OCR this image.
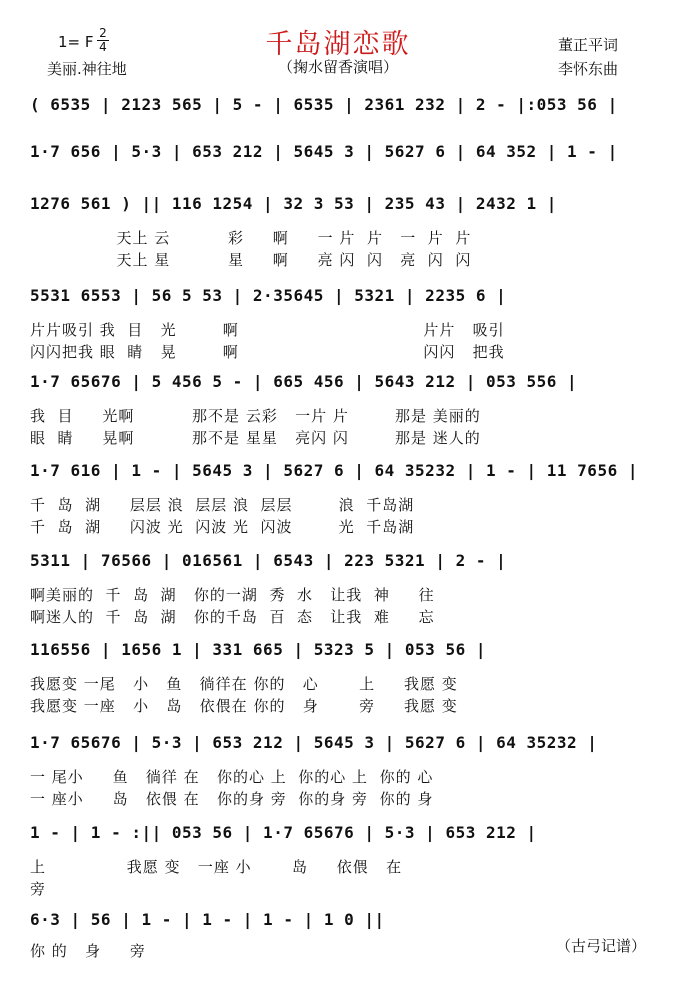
千岛湖恋歌
1= F $\frac{2}{4}$
美丽.神往地	（掬水留香演唱）
董正平词
李怀东曲
( 6535 | 2123 565 | 5 - | 6535 | 2361 232 | 2 - |:053 56 |
1·7 656 | 5·3 | 653 212 | 5645 3 | 5627 6 | 64 352 | 1 - |
1276 561 ) || 116 1254 | 32 3 53 | 235 43 | 2432 1 |
天上 云          彩     啊     一 片  片   一  片  片
天上 星          星     啊     亮 闪  闪   亮  闪  闪
5531 6553 | 56 5 53 | 2·35645 | 5321 | 2235 6 |
片片吸引 我  目   光        啊                                片片   吸引
闪闪把我 眼  睛   晃        啊                                闪闪   把我
1·7 65676 | 5 456 5 - | 665 456 | 5643 212 | 053 556 |
我  目     光啊          那不是 云彩   一片 片        那是 美丽的
眼  睛     晃啊          那不是 星星   亮闪 闪        那是 迷人的
1·7 616 | 1 - | 5645 3 | 5627 6 | 64 35232 | 1 - | 11 7656 |
千  岛  湖     层层 浪  层层 浪  层层        浪  千岛湖
千  岛  湖     闪波 光  闪波 光  闪波        光  千岛湖
5311 | 76566 | 016561 | 6543 | 223 5321 | 2 - |
啊美丽的  千  岛  湖   你的一湖  秀  水   让我  神     往
啊迷人的  千  岛  湖   你的千岛  百  态   让我  难     忘
116556 | 1656 1 | 331 665 | 5323 5 | 053 56 |
我愿变 一尾   小   鱼   徜徉在 你的   心       上     我愿 变
我愿变 一座   小   岛   依偎在 你的   身       旁     我愿 变
1·7 65676 | 5·3 | 653 212 | 5645 3 | 5627 6 | 64 35232 |
一 尾小     鱼   徜徉 在   你的心 上  你的心 上  你的 心
一 座小     岛   依偎 在   你的身 旁  你的身 旁  你的 身
1 - | 1 - :|| 053 56 | 1·7 65676 | 5·3 | 653 212 |
上              我愿 变   一座 小       岛     依偎   在
旁
6·3 | 56 | 1 - | 1 - | 1 - | 1 0 ||
你 的   身     旁	（古弓记谱）
